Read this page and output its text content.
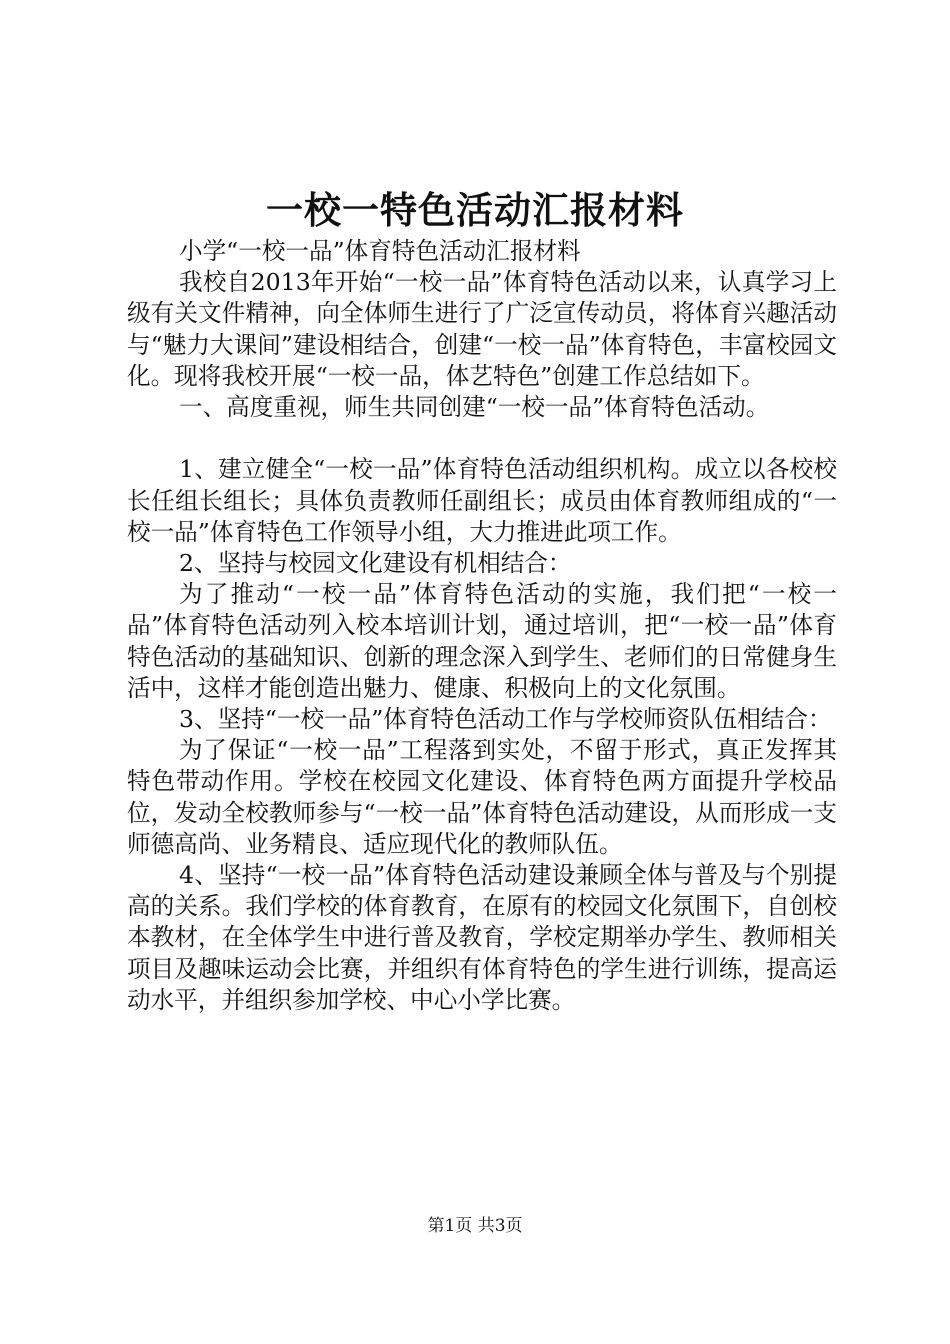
一校一特色活动汇报材料

小学“一校一品”体育特色活动汇报材料

我校自2013年开始“一校一品”体育特色活动以来，认真学习上级有关文件精神，向全体师生进行了广泛宣传动员，将体育兴趣活动与“魅力大课间”建设相结合，创建“一校一品”体育特色，丰富校园文化。现将我校开展“一校一品，体艺特色”创建工作总结如下。

一、高度重视，师生共同创建“一校一品”体育特色活动。

1、建立健全“一校一品”体育特色活动组织机构。成立以各校校长任组长组长；具体负责教师任副组长；成员由体育教师组成的“一校一品”体育特色工作领导小组，大力推进此项工作。

2、坚持与校园文化建设有机相结合：

为了推动“一校一品”体育特色活动的实施，我们把“一校一品”体育特色活动列入校本培训计划，通过培训，把“一校一品”体育特色活动的基础知识、创新的理念深入到学生、老师们的日常健身生活中，这样才能创造出魅力、健康、积极向上的文化氛围。

3、坚持“一校一品”体育特色活动工作与学校师资队伍相结合：

为了保证“一校一品”工程落到实处，不留于形式，真正发挥其特色带动作用。学校在校园文化建设、体育特色两方面提升学校品位，发动全校教师参与“一校一品”体育特色活动建设，从而形成一支师德高尚、业务精良、适应现代化的教师队伍。

4、坚持“一校一品”体育特色活动建设兼顾全体与普及与个别提高的关系。我们学校的体育教育，在原有的校园文化氛围下，自创校本教材，在全体学生中进行普及教育，学校定期举办学生、教师相关项目及趣味运动会比赛，并组织有体育特色的学生进行训练，提高运动水平，并组织参加学校、中心小学比赛。

第1页 共3页
